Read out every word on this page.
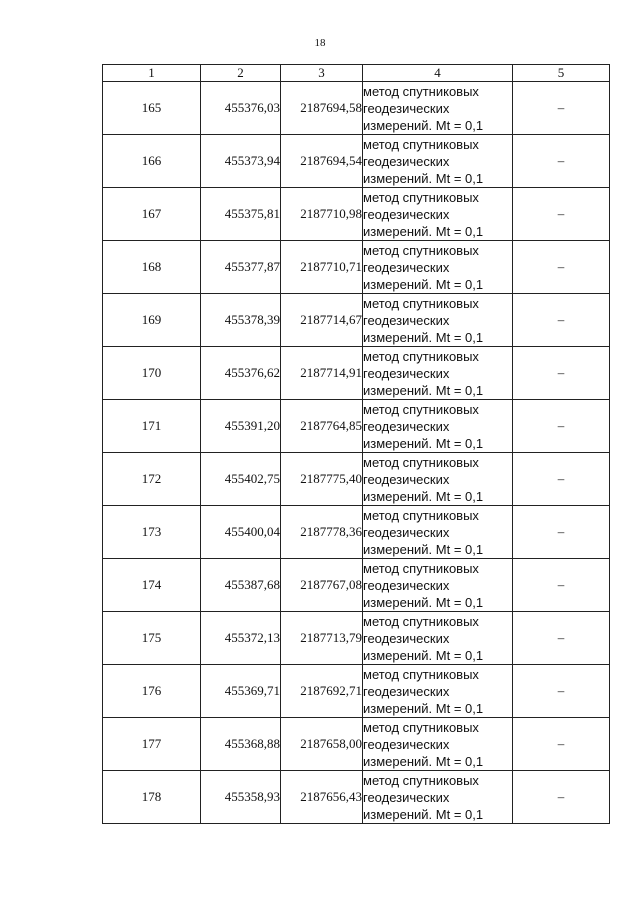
18
1	2	3	4	5
165	455376,03	2187694,58	метод спутниковых
геодезических
измерений. Mt = 0,1	–
166	455373,94	2187694,54	метод спутниковых
геодезических
измерений. Mt = 0,1	–
167	455375,81	2187710,98	метод спутниковых
геодезических
измерений. Mt = 0,1	–
168	455377,87	2187710,71	метод спутниковых
геодезических
измерений. Mt = 0,1	–
169	455378,39	2187714,67	метод спутниковых
геодезических
измерений. Mt = 0,1	–
170	455376,62	2187714,91	метод спутниковых
геодезических
измерений. Mt = 0,1	–
171	455391,20	2187764,85	метод спутниковых
геодезических
измерений. Mt = 0,1	–
172	455402,75	2187775,40	метод спутниковых
геодезических
измерений. Mt = 0,1	–
173	455400,04	2187778,36	метод спутниковых
геодезических
измерений. Mt = 0,1	–
174	455387,68	2187767,08	метод спутниковых
геодезических
измерений. Mt = 0,1	–
175	455372,13	2187713,79	метод спутниковых
геодезических
измерений. Mt = 0,1	–
176	455369,71	2187692,71	метод спутниковых
геодезических
измерений. Mt = 0,1	–
177	455368,88	2187658,00	метод спутниковых
геодезических
измерений. Mt = 0,1	–
178	455358,93	2187656,43	метод спутниковых
геодезических
измерений. Mt = 0,1	–
